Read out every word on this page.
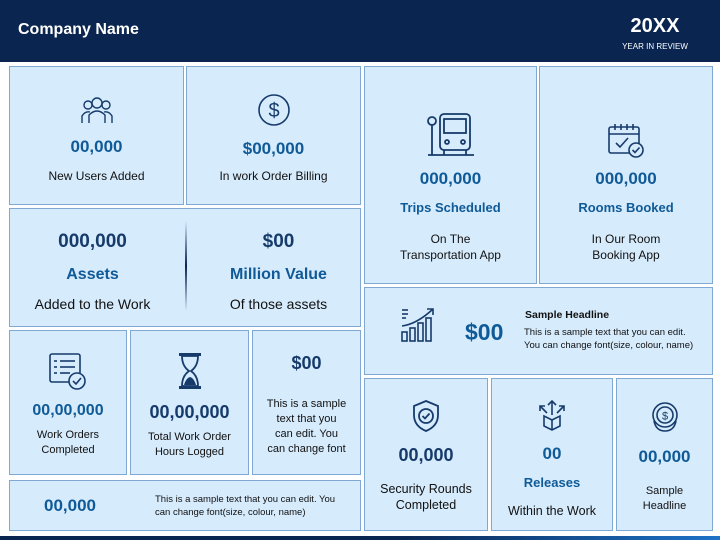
Company Name	20XX
YEAR IN REVIEW
00,000
New Users Added
$
$00,000
In work Order Billing	000,000
Trips Scheduled
On The
Transportation App
000,000
Rooms Booked
In Our Room
Booking App
000,000
Assets
Added to the Work
$00
Million Value
Of those assets
$00
Sample Headline
This is a sample text that you can edit.
You can change font(size, colour, name)
00,00,000
Work Orders
Completed
00,00,000
Total Work Order
Hours Logged
$00
This is a sample
text that you
can edit. You
can change font	00,000
Security Rounds
Completed
00
Releases
Within the Work
$
00,000
Sample
Headline
00,000	This is a sample text that you can edit. You
can change font(size, colour, name)
